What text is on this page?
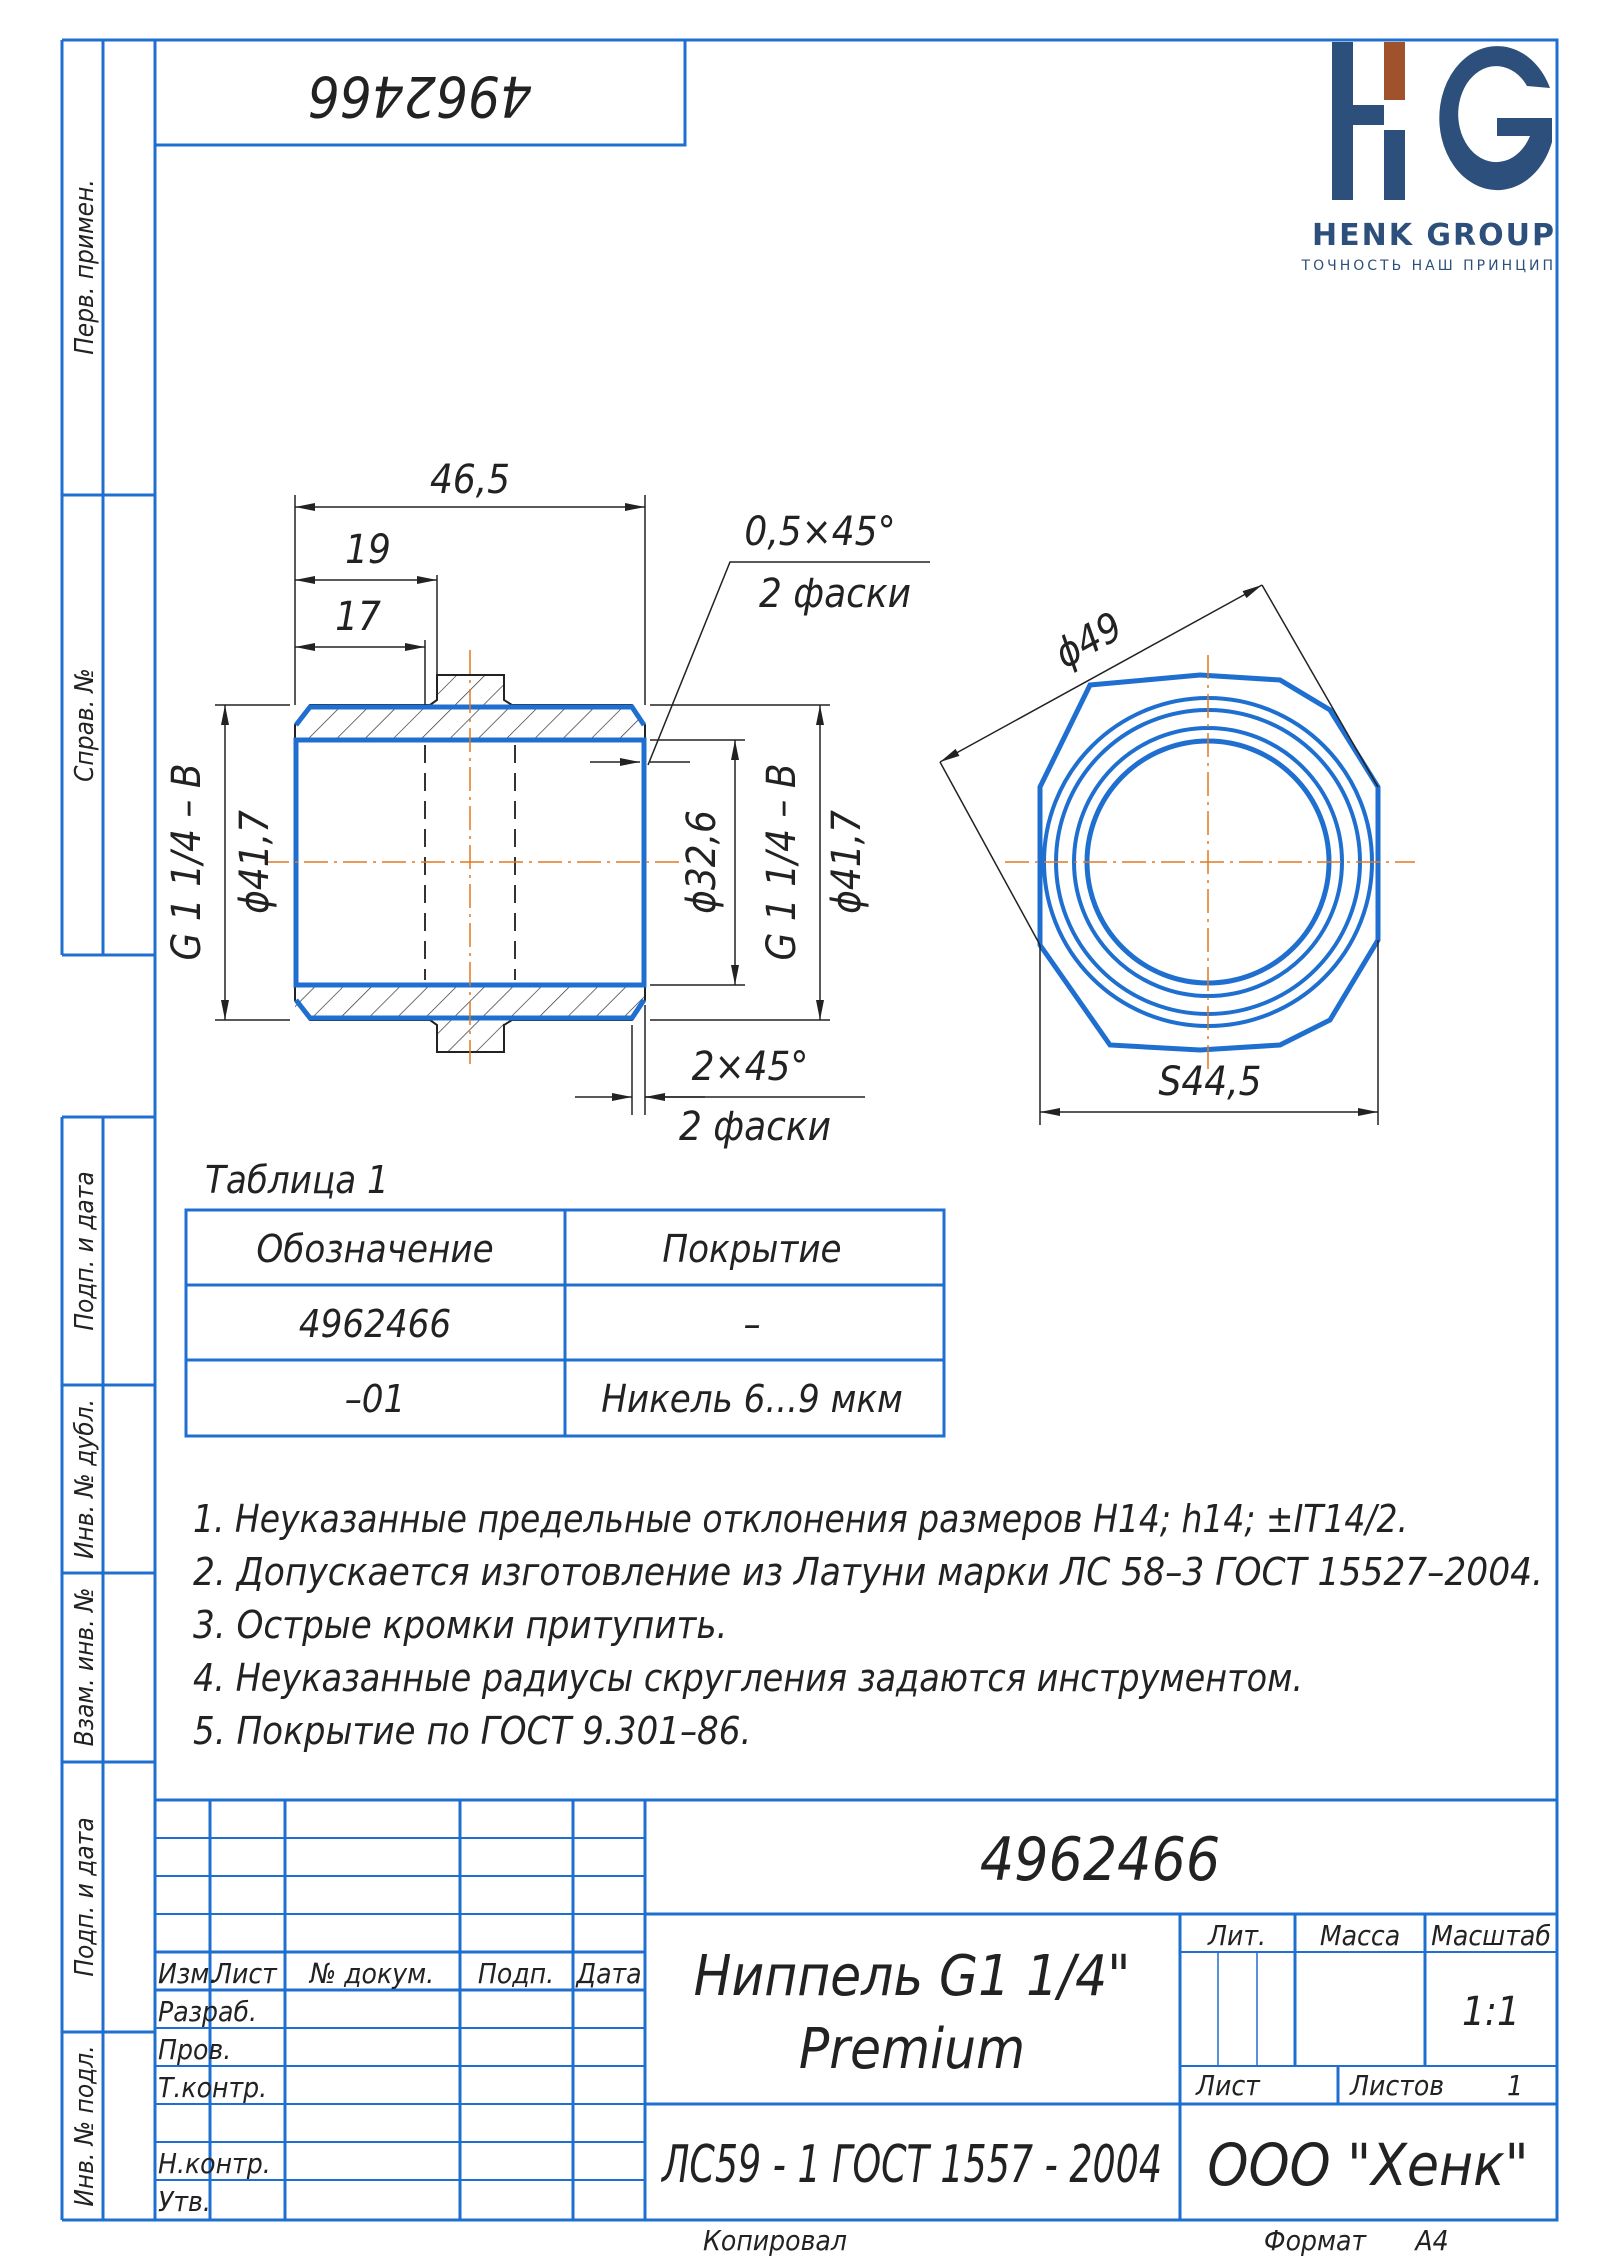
Перв. примен.
Справ. №
Подп. и дата
Инв. № дубл.
Взам. инв. №
Подп. и дата
Инв. № подл.
4962466
HENK GROUP
ТОЧНОСТЬ НАШ ПРИНЦИП
46,5
19
17
0,5×45°
2 фаски
G 1 1/4 – B ϕ41,7	ϕ32,6 G 1 1/4 – B ϕ41,7
2×45°
2 фаски
ϕ49
S44,5
Таблица 1
Обозначение	Покрытие
4962466	–
–01	Никель 6...9 мкм
1. Неуказанные предельные отклонения размеров Н14; h14; ±IT14/2.
2. Допускается изготовление из Латуни марки ЛС 58–3 ГОСТ 15527–2004.
3. Острые кромки притупить.
4. Неуказанные радиусы скругления задаются инструментом.
5. Покрытие по ГОСТ 9.301–86.
Изм.
Лист № докум. Подп. Дата
Разраб.
Пров.
Т.контр.
Н.контр.
Утв.
4962466
Ниппель G1 1/4"
Premium
ЛС59 - 1 ГОСТ 1557 - 2004 ООО "Хенк"
Лит. Масса Масштаб
1:1
Лист	Листов 1
Копировал	Формат А4
